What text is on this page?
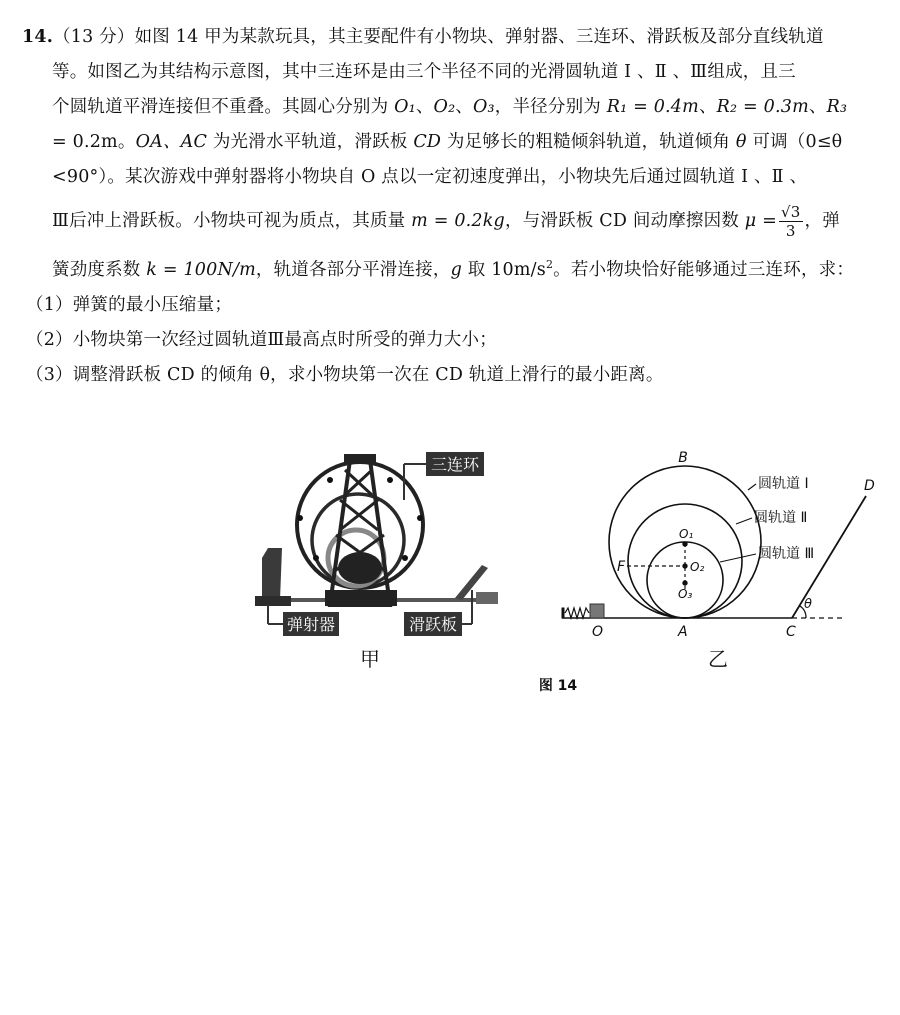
14.（13 分）如图 14 甲为某款玩具，其主要配件有小物块、弹射器、三连环、滑跃板及部分直线轨道

等。如图乙为其结构示意图，其中三连环是由三个半径不同的光滑圆轨道 Ⅰ 、Ⅱ 、Ⅲ组成，且三

个圆轨道平滑连接但不重叠。其圆心分别为 O₁、O₂、O₃，半径分别为 R₁ = 0.4m、R₂ = 0.3m、R₃

= 0.2m。OA、AC 为光滑水平轨道，滑跃板 CD 为足够长的粗糙倾斜轨道，轨道倾角 θ 可调（0≤θ

<90°）。某次游戏中弹射器将小物块自 O 点以一定初速度弹出，小物块先后通过圆轨道 Ⅰ 、Ⅱ 、

Ⅲ后冲上滑跃板。小物块可视为质点，其质量 m = 0.2kg，与滑跃板 CD 间动摩擦因数 $\mu = \frac{√3}{3}$ ，弹

簧劲度系数 k = 100N/m，轨道各部分平滑连接，g 取 $10m/s^2$。若小物块恰好能够通过三连环，求：

（1）弹簧的最小压缩量；

（2）小物块第一次经过圆轨道Ⅲ最高点时所受的弹力大小；

（3）调整滑跃板 CD 的倾角 θ，求小物块第一次在 CD 轨道上滑行的最小距离。

三连环
弹射器	滑跃板
甲
B
F
O₁
O₂
O₃
O	A	C
D
θ
圆轨道 Ⅰ
圆轨道 Ⅱ
圆轨道 Ⅲ
乙
图 14
